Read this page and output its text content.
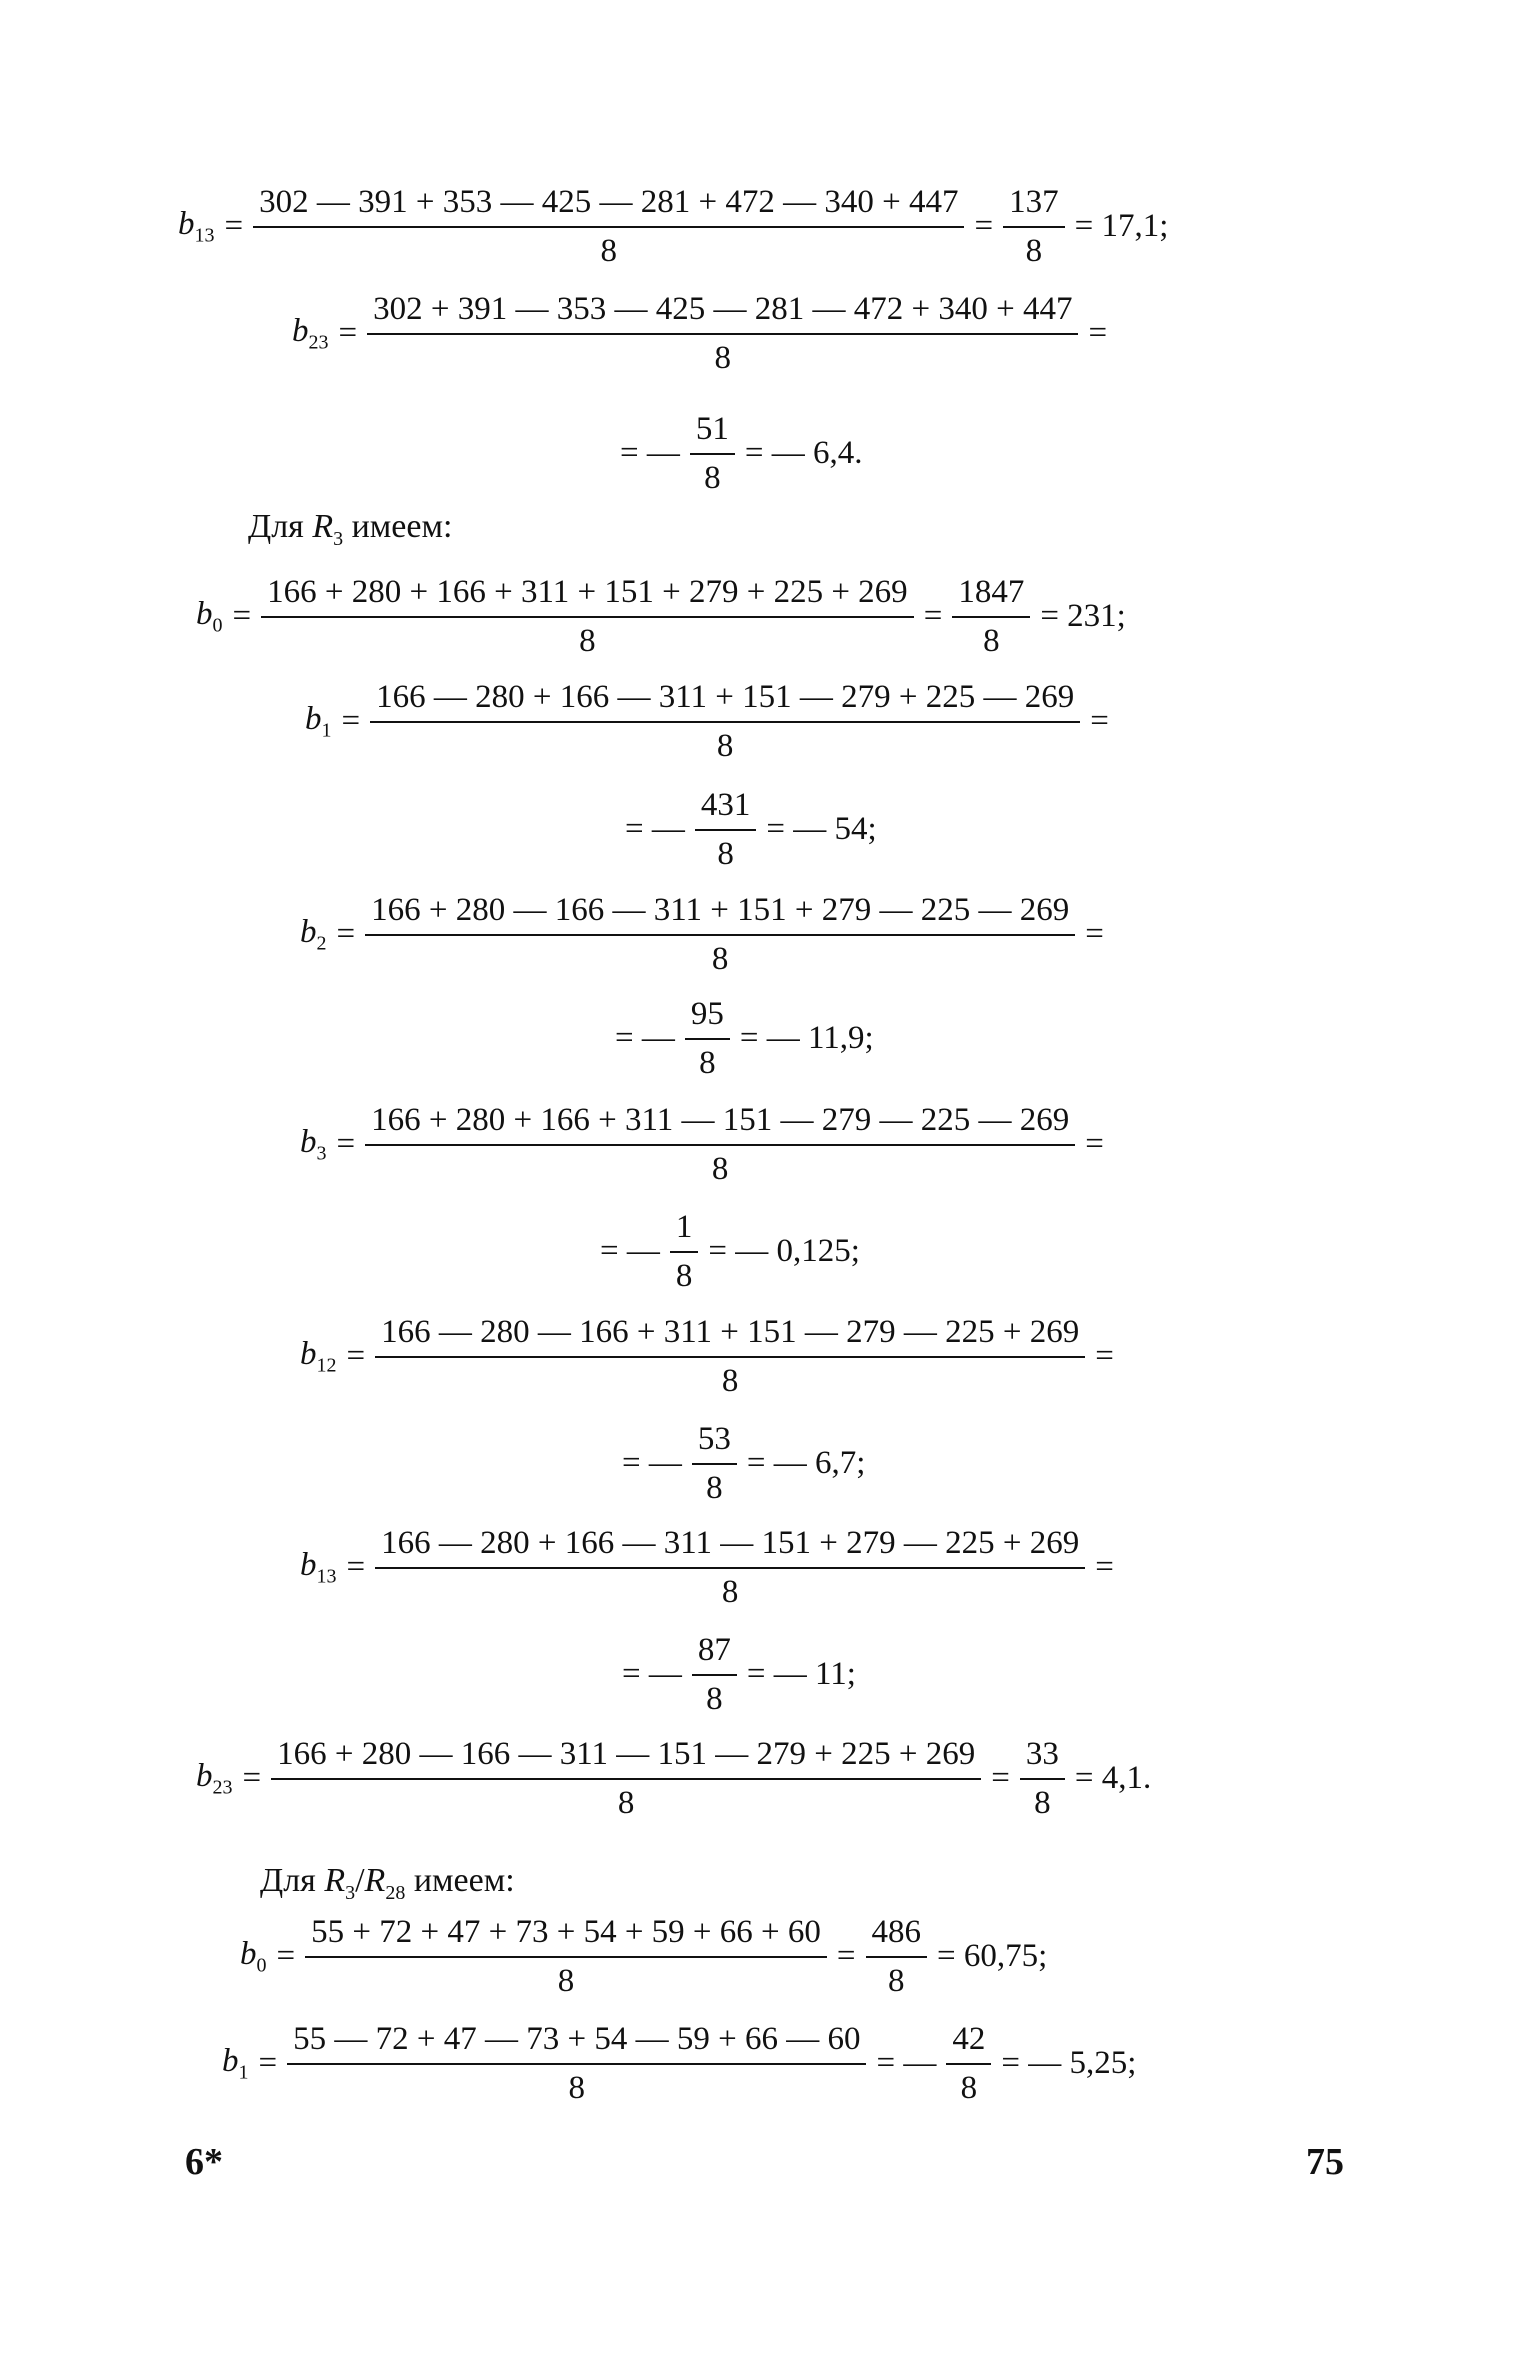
$b_{13} = \frac{302 — 391 + 353 — 425 — 281 + 472 — 340 + 447}{8} = \frac{137}{8} = 17,1$;
$b_{23} = \frac{302 + 391 — 353 — 425 — 281 — 472 + 340 + 447}{8}$ =
= — $\frac{51}{8}$ = — 6,4.
Для $R_3$ имеем:
$b_0 = \frac{166 + 280 + 166 + 311 + 151 + 279 + 225 + 269}{8} = \frac{1847}{8} = 231$;
$b_1 = \frac{166 — 280 + 166 — 311 + 151 — 279 + 225 — 269}{8}$ =
= — $\frac{431}{8}$ = — 54;
$b_2 = \frac{166 + 280 — 166 — 311 + 151 + 279 — 225 — 269}{8}$ =
= — $\frac{95}{8}$ = — 11,9;
$b_3 = \frac{166 + 280 + 166 + 311 — 151 — 279 — 225 — 269}{8}$ =
= — $\frac{1}{8}$ = — 0,125;
$b_{12} = \frac{166 — 280 — 166 + 311 + 151 — 279 — 225 + 269}{8}$ =
= — $\frac{53}{8}$ = — 6,7;
$b_{13} = \frac{166 — 280 + 166 — 311 — 151 + 279 — 225 + 269}{8}$ =
= — $\frac{87}{8}$ = — 11;
$b_{23} = \frac{166 + 280 — 166 — 311 — 151 — 279 + 225 + 269}{8} = \frac{33}{8} = 4,1$.
Для $R_3/R_{28}$ имеем:
$b_0 = \frac{55 + 72 + 47 + 73 + 54 + 59 + 66 + 60}{8} = \frac{486}{8} = 60,75$;
$b_1 = \frac{55 — 72 + 47 — 73 + 54 — 59 + 66 — 60}{8}$ = — $\frac{42}{8}$ = — 5,25;
6*	75
